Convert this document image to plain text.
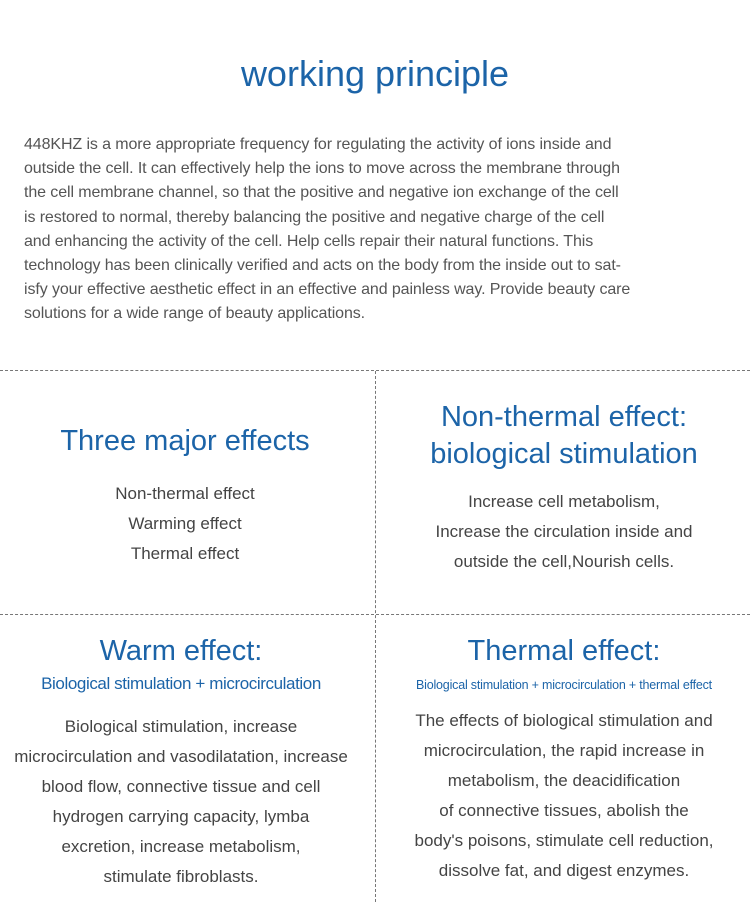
working principle

448KHZ is a more appropriate frequency for regulating the activity of ions inside and
outside the cell. It can effectively help the ions to move across the membrane through
the cell membrane channel, so that the positive and negative ion exchange of the cell
is restored to normal, thereby balancing the positive and negative charge of the cell
and enhancing the activity of the cell. Help cells repair their natural functions. This
technology has been clinically verified and acts on the body from the inside out to sat-
isfy your effective aesthetic effect in an effective and painless way. Provide beauty care
solutions for a wide range of beauty applications.

Three major effects

Non-thermal effect
Warming effect
Thermal effect

Non-thermal effect:
biological stimulation

Increase cell metabolism,
Increase the circulation inside and
outside the cell,Nourish cells.

Warm effect:

Biological stimulation + microcirculation

Biological stimulation, increase
microcirculation and vasodilatation, increase
blood flow, connective tissue and cell
hydrogen carrying capacity, lymba
excretion, increase metabolism,
stimulate fibroblasts.

Thermal effect:

Biological stimulation + microcirculation + thermal effect

The effects of biological stimulation and
microcirculation, the rapid increase in
metabolism, the deacidification
of connective tissues, abolish the
body's poisons, stimulate cell reduction,
dissolve fat, and digest enzymes.
